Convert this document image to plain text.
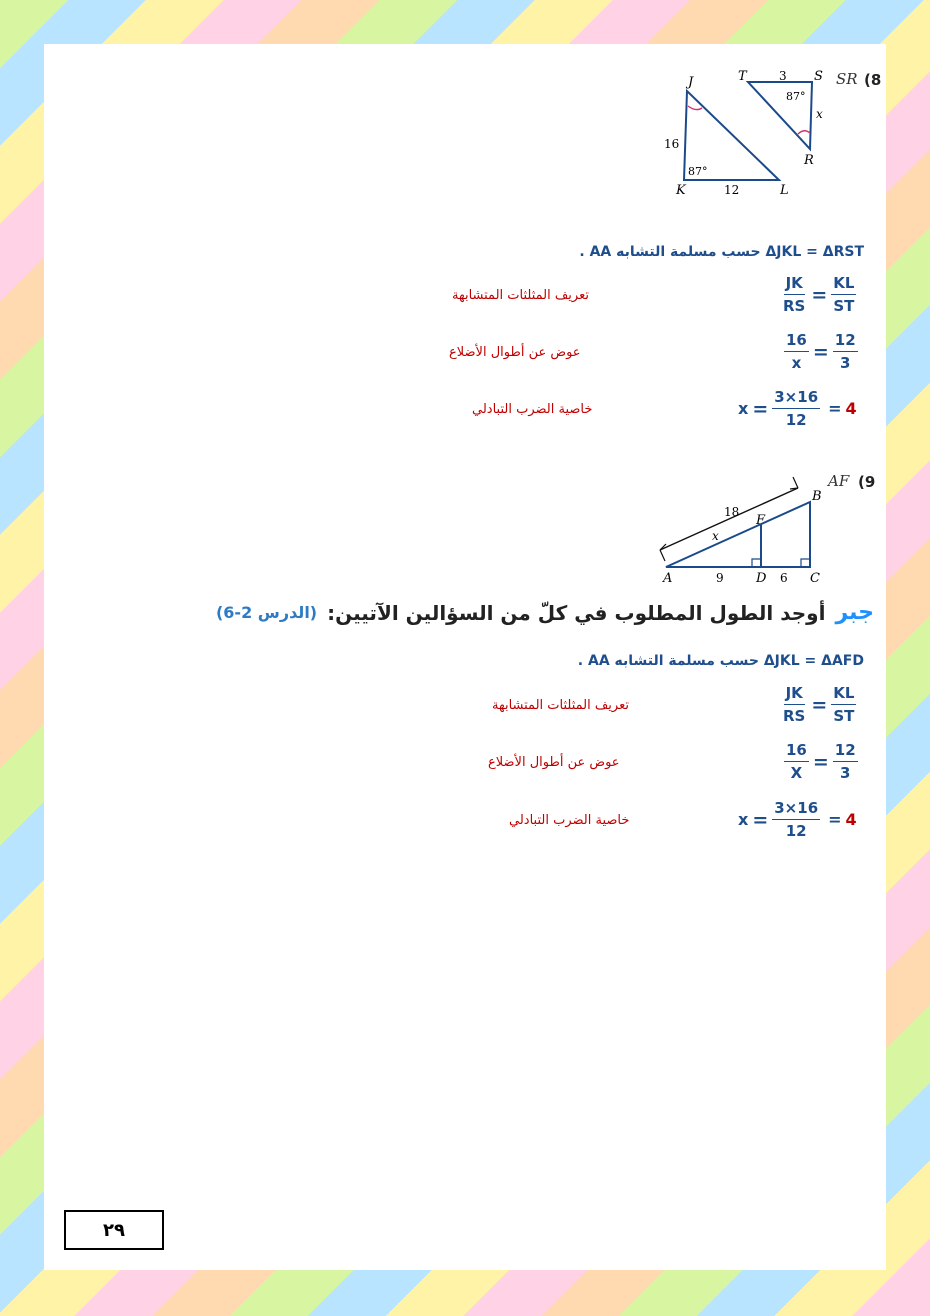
(8
SR
J
K	L
T	S
R
16
12
3
x
87°
87°
ΔJKL = ΔRST حسب مسلمة التشابه AA .
$\frac{JK}{RS} = \frac{KL}{ST}$
تعريف المثلثات المتشابهة
$\frac{16}{x} = \frac{12}{3}$
عوض عن أطوال الأضلاع
$x = \frac{3\times 16}{12} = 4$
خاصية الضرب التبادلي
(9
AF
A
B
C
D
F
18
x
9	6
جبر
أوجد الطول المطلوب في كلّ من السؤالين الآتيين:
(الدرس 2-6)
ΔJKL = ΔAFD حسب مسلمة التشابه AA .
$\frac{JK}{RS} = \frac{KL}{ST}$
تعريف المثلثات المتشابهة
$\frac{16}{X} = \frac{12}{3}$
عوض عن أطوال الأضلاع
$x = \frac{3\times 16}{12} = 4$
خاصية الضرب التبادلي
٢٩
